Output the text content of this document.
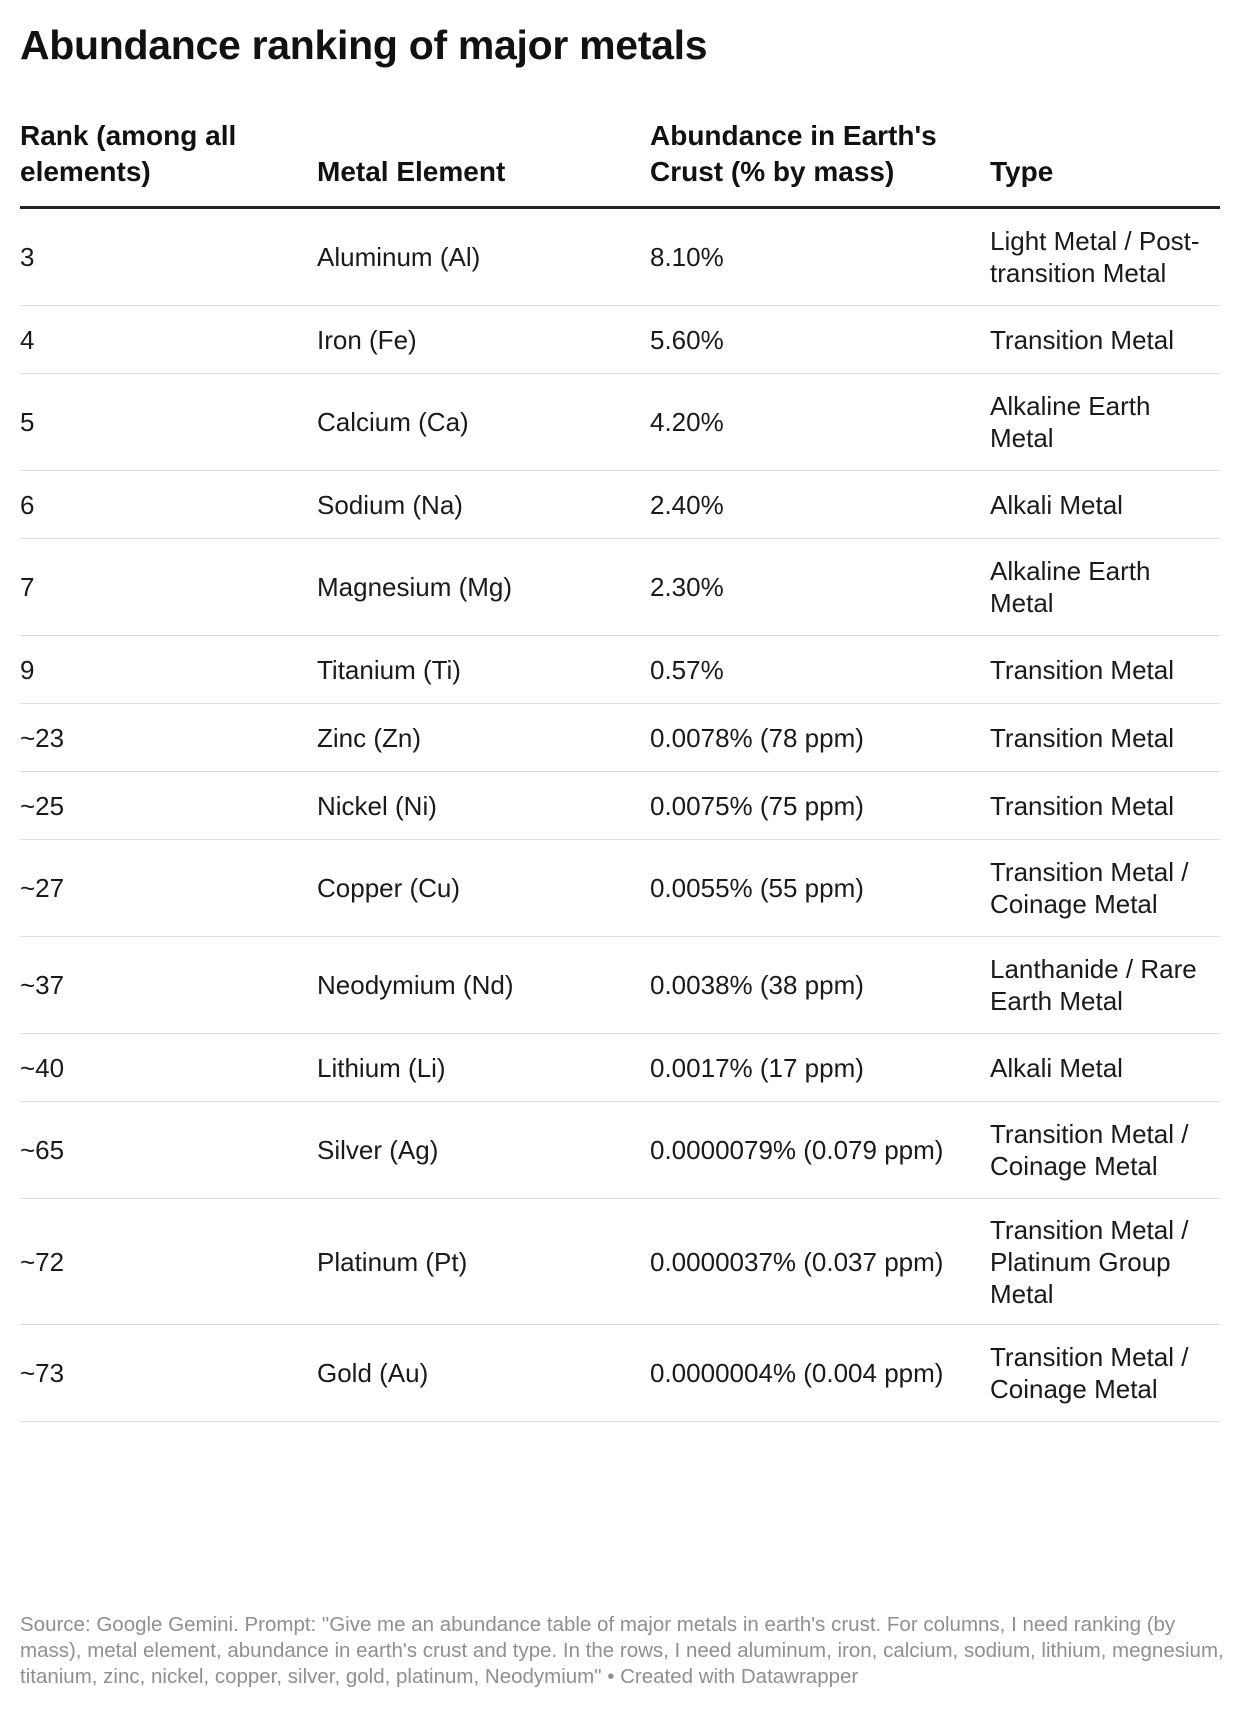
Abundance ranking of major metals
Rank (among all elements)	Metal Element	Abundance in Earth's Crust (% by mass)	Type
3	Aluminum (Al)	8.10%	Light Metal / Post-transition Metal
4	Iron (Fe)	5.60%	Transition Metal
5	Calcium (Ca)	4.20%	Alkaline Earth Metal
6	Sodium (Na)	2.40%	Alkali Metal
7	Magnesium (Mg)	2.30%	Alkaline Earth Metal
9	Titanium (Ti)	0.57%	Transition Metal
~23	Zinc (Zn)	0.0078% (78 ppm)	Transition Metal
~25	Nickel (Ni)	0.0075% (75 ppm)	Transition Metal
~27	Copper (Cu)	0.0055% (55 ppm)	Transition Metal / Coinage Metal
~37	Neodymium (Nd)	0.0038% (38 ppm)	Lanthanide / Rare Earth Metal
~40	Lithium (Li)	0.0017% (17 ppm)	Alkali Metal
~65	Silver (Ag)	0.0000079% (0.079 ppm)	Transition Metal / Coinage Metal
~72	Platinum (Pt)	0.0000037% (0.037 ppm)	Transition Metal / Platinum Group Metal
~73	Gold (Au)	0.0000004% (0.004 ppm)	Transition Metal / Coinage Metal

Source: Google Gemini. Prompt: "Give me an abundance table of major metals in earth's crust. For columns, I need ranking (by mass), metal element, abundance in earth's crust and type. In the rows, I need aluminum, iron, calcium, sodium, lithium, megnesium, titanium, zinc, nickel, copper, silver, gold, platinum, Neodymium" • Created with Datawrapper
